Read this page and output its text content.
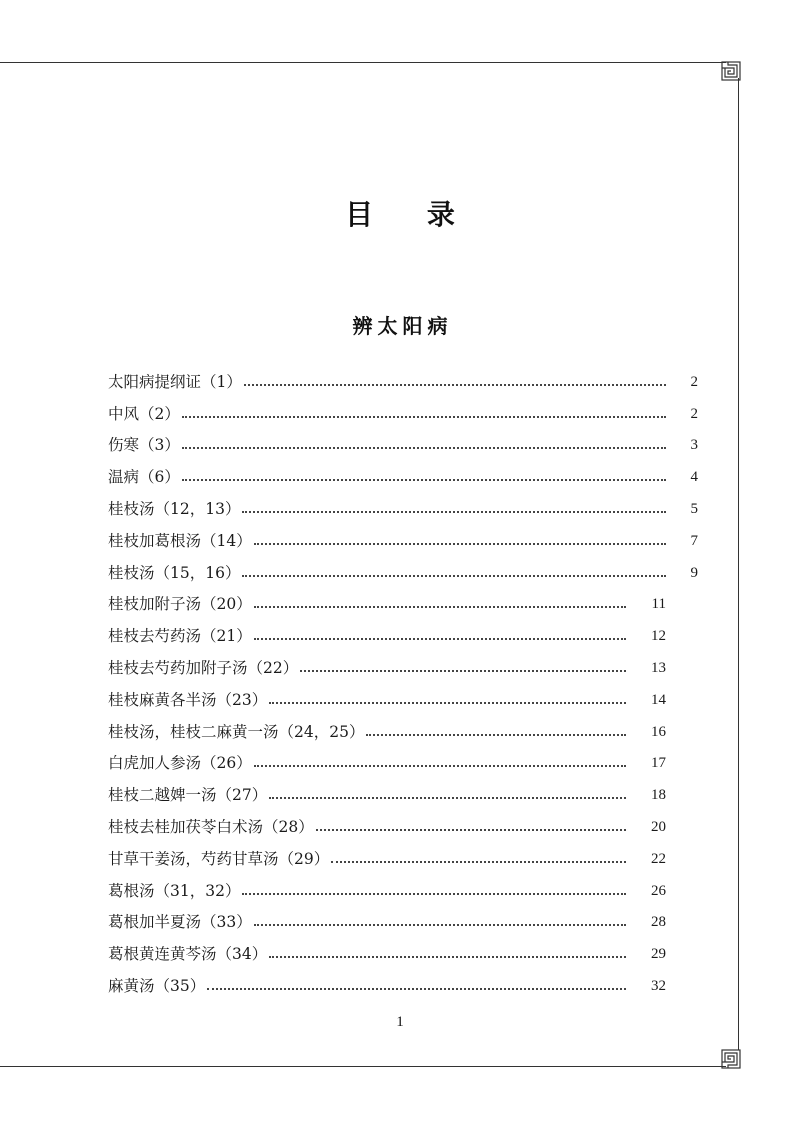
目 录
辨太阳病
太阳病提纲证（1）	2
中风（2）	2
伤寒（3）	3
温病（6）	4
桂枝汤（12，13）	5
桂枝加葛根汤（14）	7
桂枝汤（15，16）	9
桂枝加附子汤（20）	11
桂枝去芍药汤（21）	12
桂枝去芍药加附子汤（22）	13
桂枝麻黄各半汤（23）	14
桂枝汤，桂枝二麻黄一汤（24，25）	16
白虎加人参汤（26）	17
桂枝二越婢一汤（27）	18
桂枝去桂加茯苓白术汤（28）	20
甘草干姜汤，芍药甘草汤（29）	22
葛根汤（31，32）	26
葛根加半夏汤（33）	28
葛根黄连黄芩汤（34）	29
麻黄汤（35）	32
1
